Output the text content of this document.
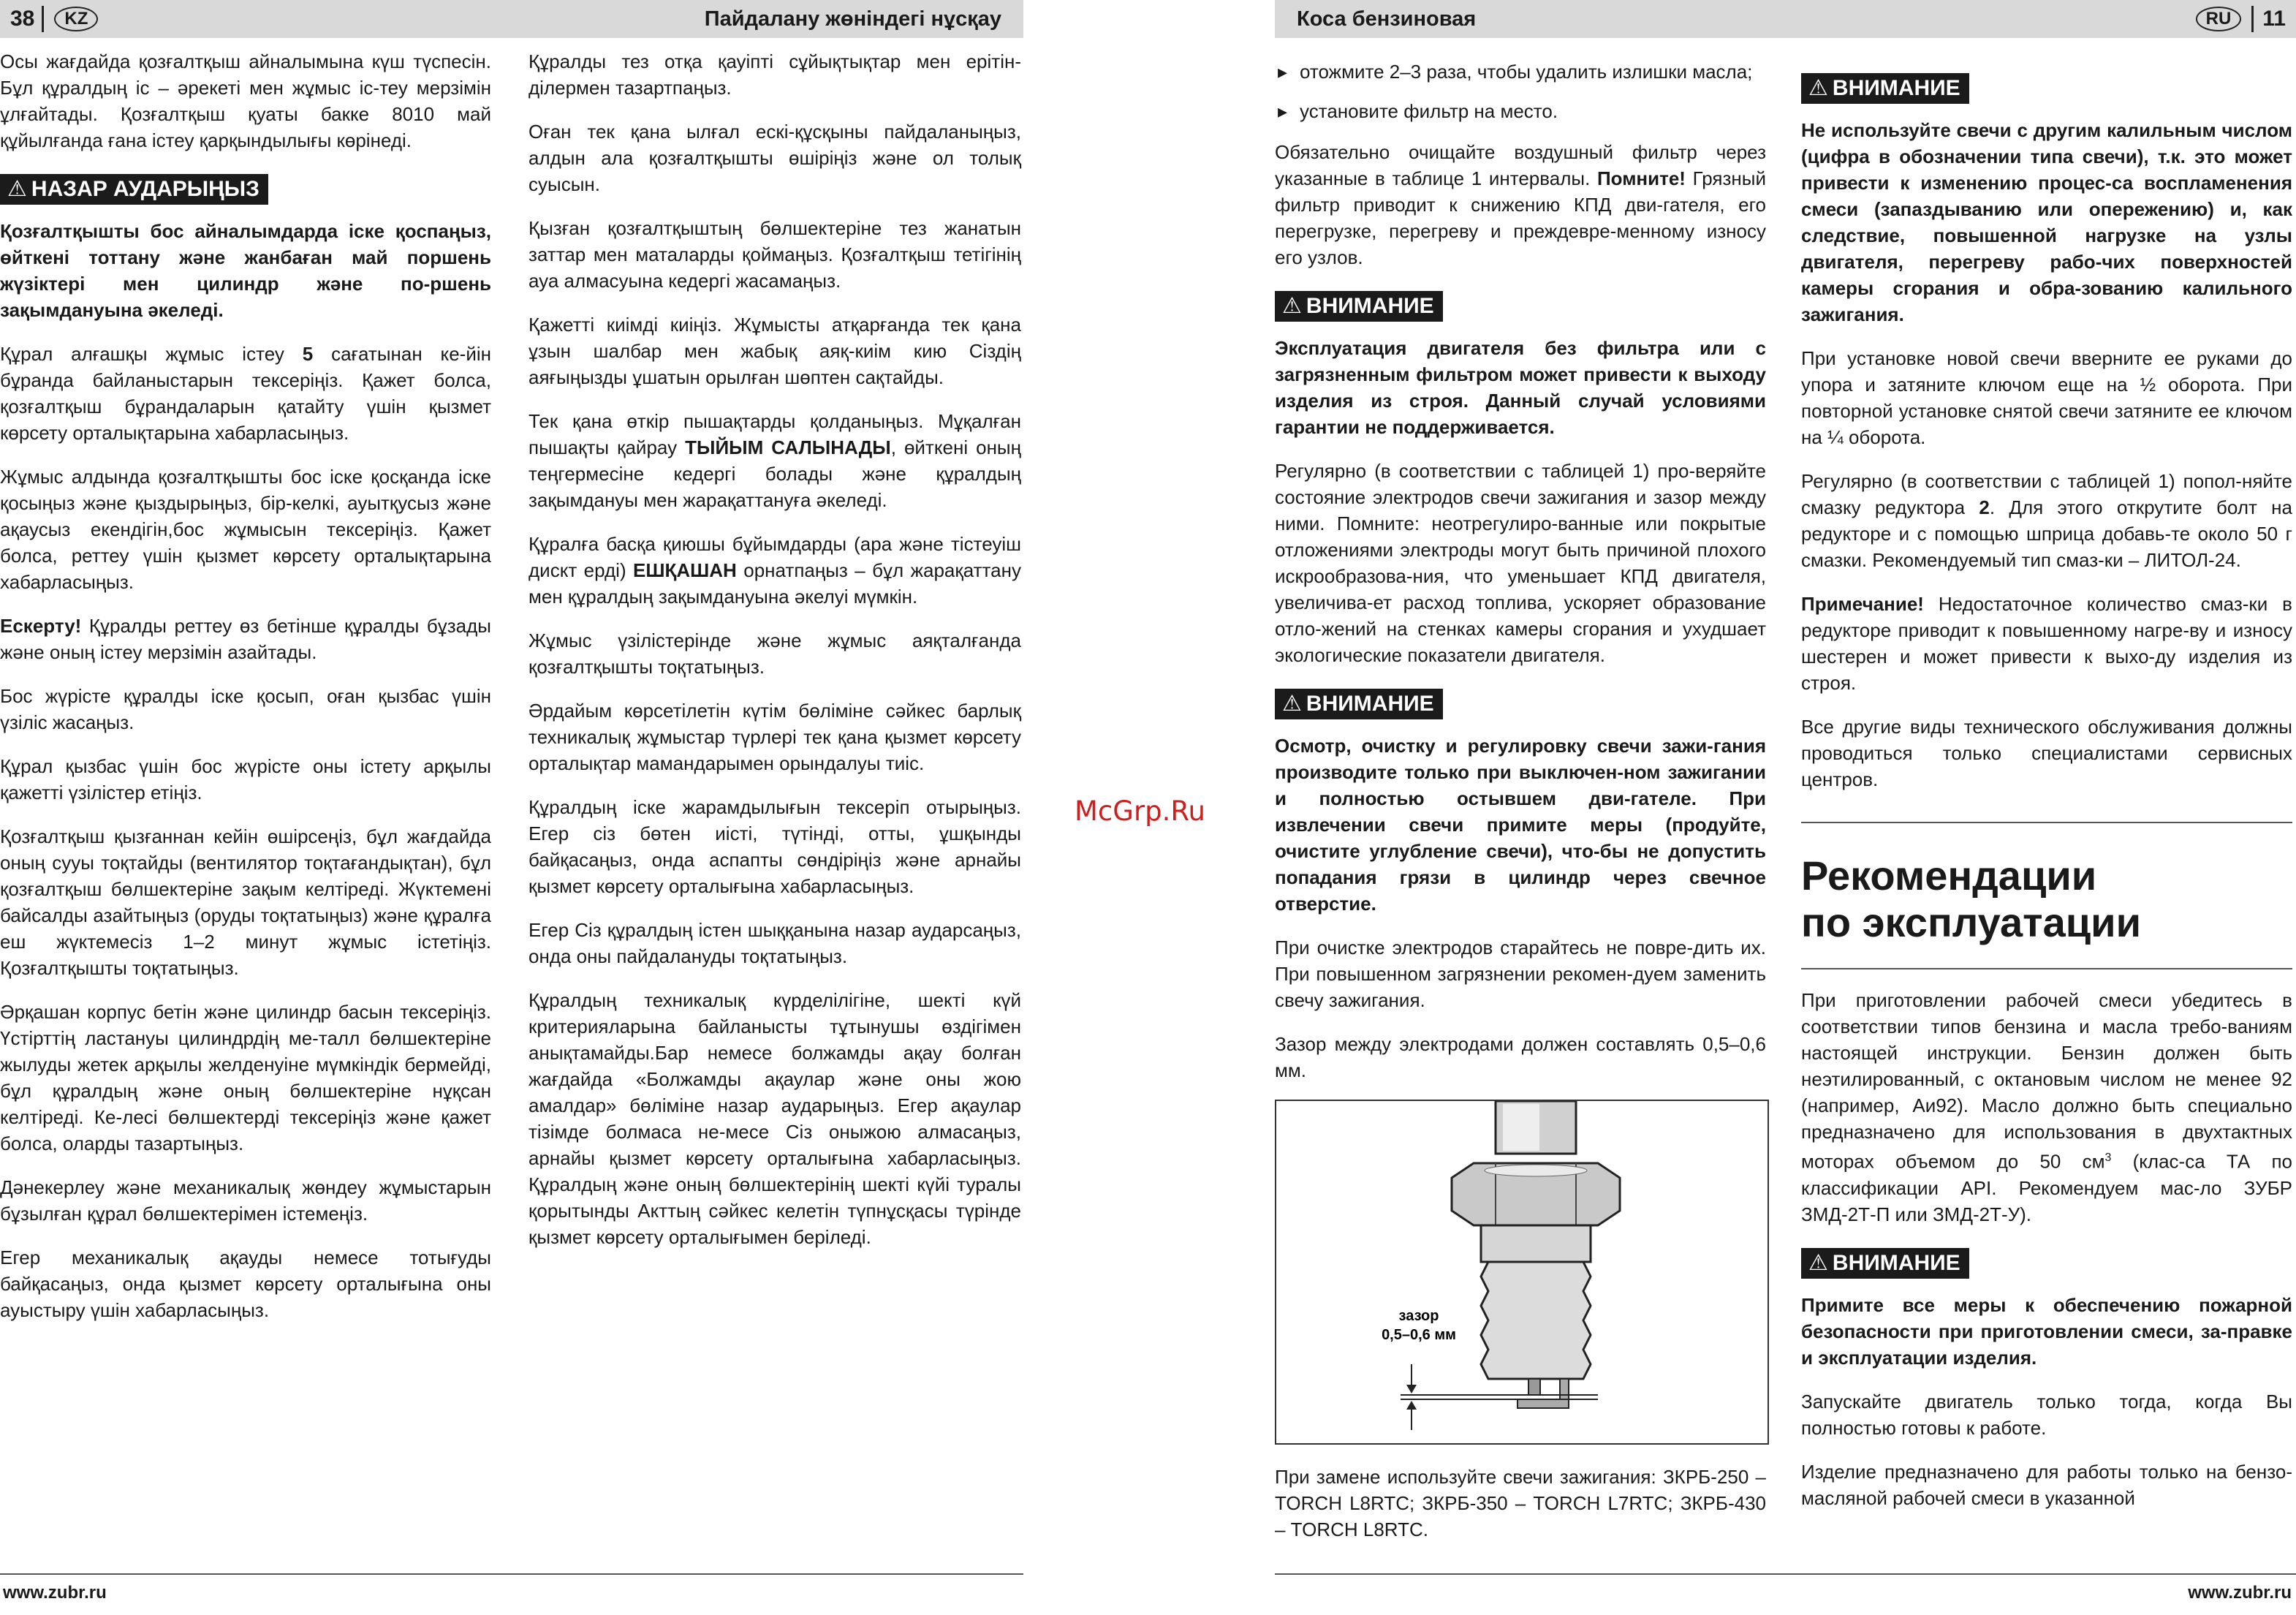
38	KZ	Пайдалану жөніндегі нұсқау	Коса бензиновая	RU	11

Осы жағдайда қозғалтқыш айналымына күш түспесін. Бұл құралдың іс – әрекеті мен жұмыс іс-теу мерзімін ұлғайтады. Қозғалтқыш қуаты бакке 8010 май құйылғанда ғана істеу қарқындылығы көрінеді.

⚠ НАЗАР АУДАРЫҢЫЗ

Қозғалтқышты бос айналымдарда іске қоспаңыз, өйткені тоттану және жанбаған май поршень жүзіктері мен цилиндр және по-ршень зақымдануына әкеледі.

Құрал алғашқы жұмыс істеу 5 сағатынан ке-йін бұранда байланыстарын тексеріңіз. Қажет болса, қозғалтқыш бұрандаларын қатайту үшін қызмет көрсету орталықтарына хабарласыңыз.

Жұмыс алдында қозғалтқышты бос іске қосқанда іске қосыңыз және қыздырыңыз, бір-келкі, ауытқусыз және ақаусыз екендігін,бос жұмысын тексеріңіз. Қажет болса, реттеу үшін қызмет көрсету орталықтарына хабарласыңыз.

Ескерту! Құралды реттеу өз бетінше құралды бұзады және оның істеу мерзімін азайтады.

Бос жүрісте құралды іске қосып, оған қызбас үшін үзіліс жасаңыз.

Құрал қызбас үшін бос жүрісте оны істету арқылы қажетті үзілістер етіңіз.

Қозғалтқыш қызғаннан кейін өшірсеңіз, бұл жағдайда оның сууы тоқтайды (вентилятор тоқтағандықтан), бұл қозғалтқыш бөлшектеріне зақым келтіреді. Жүктемені байсалды азайтыңыз (оруды тоқтатыңыз) және құралға еш жүктемесіз 1–2 минут жұмыс істетіңіз. Қозғалтқышты тоқтатыңыз.

Әрқашан корпус бетін және цилиндр басын тексеріңіз. Үстірттің ластануы цилиндрдің ме-талл бөлшектеріне жылуды жетек арқылы желденуіне мүмкіндік бермейді, бұл құралдың және оның бөлшектеріне нұқсан келтіреді. Ке-лесі бөлшектерді тексеріңіз және қажет болса, оларды тазартыңыз.

Дәнекерлеу және механикалық жөндеу жұмыстарын бұзылған құрал бөлшектерімен істемеңіз.

Егер механикалық ақауды немесе тотығуды байқасаңыз, онда қызмет көрсету орталығына оны ауыстыру үшін хабарласыңыз.

Құралды тез отқа қауіпті сұйықтықтар мен ерітін-ділермен тазартпаңыз.

Оған тек қана ылғал ескі-құсқыны пайдаланыңыз, алдын ала қозғалтқышты өшіріңіз және ол толық суысын.

Қызған қозғалтқыштың бөлшектеріне тез жанатын заттар мен маталарды қоймаңыз. Қозғалтқыш тетігінің ауа алмасуына кедергі жасамаңыз.

Қажетті киімді киіңіз. Жұмысты атқарғанда тек қана ұзын шалбар мен жабық аяқ-киім кию Сіздің аяғыңызды ұшатын орылған шөптен сақтайды.

Тек қана өткір пышақтарды қолданыңыз. Мұқалған пышақты қайрау ТЫЙЫМ САЛЫНАДЫ, өйткені оның теңгермесіне кедергі болады және құралдың зақымдануы мен жарақаттануға әкеледі.

Құралға басқа қиюшы бұйымдарды (ара және тістеуіш дискт ерді) ЕШҚАШАН орнатпаңыз – бұл жарақаттану мен құралдың зақымдануына әкелуі мүмкін.

Жұмыс үзілістерінде және жұмыс аяқталғанда қозғалтқышты тоқтатыңыз.

Әрдайым көрсетілетін күтім бөліміне сәйкес барлық техникалық жұмыстар түрлері тек қана қызмет көрсету орталықтар мамандарымен орындалуы тиіс.

Құралдың іске жарамдылығын тексеріп отырыңыз. Егер сіз бөтен иісті, түтінді, отты, ұшқынды байқасаңыз, онда аспапты сөндіріңіз және арнайы қызмет көрсету орталығына хабарласыңыз.

Егер Сіз құралдың істен шыққанына назар аударсаңыз, онда оны пайдалануды тоқтатыңыз.

Құралдың техникалық күрделілігіне, шекті күй критерияларына байланысты тұтынушы өздігімен анықтамайды.Бар немесе болжамды ақау болған жағдайда «Болжамды ақаулар және оны жою амалдар» бөліміне назар аударыңыз. Егер ақаулар тізімде болмаса не-месе Сіз оныжою алмасаңыз, арнайы қызмет көрсету орталығына хабарласыңыз. Құралдың және оның бөлшектерінің шекті күйі туралы қорытынды Акттың сәйкес келетін түпнұсқасы түрінде қызмет көрсету орталығымен беріледі.

McGrp.Ru
▸ отожмите 2–3 раза, чтобы удалить излишки масла;
▸ установите фильтр на место.

Обязательно очищайте воздушный фильтр через указанные в таблице 1 интервалы. Помните! Грязный фильтр приводит к снижению КПД дви-гателя, его перегрузке, перегреву и преждевре-менному износу его узлов.

⚠ ВНИМАНИЕ

Эксплуатация двигателя без фильтра или с загрязненным фильтром может привести к выходу изделия из строя. Данный случай условиями гарантии не поддерживается.

Регулярно (в соответствии с таблицей 1) про-веряйте состояние электродов свечи зажигания и зазор между ними. Помните: неотрегулиро-ванные или покрытые отложениями электроды могут быть причиной плохого искрообразова-ния, что уменьшает КПД двигателя, увеличива-ет расход топлива, ускоряет образование отло-жений на стенках камеры сгорания и ухудшает экологические показатели двигателя.

⚠ ВНИМАНИЕ

Осмотр, очистку и регулировку свечи зажи-гания производите только при выключен-ном зажигании и полностью остывшем дви-гателе. При извлечении свечи примите меры (продуйте, очистите углубление свечи), что-бы не допустить попадания грязи в цилиндр через свечное отверстие.

При очистке электродов старайтесь не повре-дить их. При повышенном загрязнении рекомен-дуем заменить свечу зажигания.

Зазор между электродами должен составлять 0,5–0,6 мм.

зазор
0,5–0,6 мм

При замене используйте свечи зажигания: ЗКРБ-250 – TORCH L8RTC; ЗКРБ-350 – TORCH L7RTC; ЗКРБ-430 – TORCH L8RTC.

⚠ ВНИМАНИЕ

Не используйте свечи с другим калильным числом (цифра в обозначении типа свечи), т.к. это может привести к изменению процес-са воспламенения смеси (запаздыванию или опережению) и, как следствие, повышенной нагрузке на узлы двигателя, перегреву рабо-чих поверхностей камеры сгорания и обра-зованию калильного зажигания.

При установке новой свечи вверните ее руками до упора и затяните ключом еще на ½ оборота. При повторной установке снятой свечи затяните ее ключом на ¼ оборота.

Регулярно (в соответствии с таблицей 1) попол-няйте смазку редуктора 2. Для этого открутите болт на редукторе и с помощью шприца добавь-те около 50 г смазки. Рекомендуемый тип смаз-ки – ЛИТОЛ-24.

Примечание! Недостаточное количество смаз-ки в редукторе приводит к повышенному нагре-ву и износу шестерен и может привести к выхо-ду изделия из строя.

Все другие виды технического обслуживания должны проводиться только специалистами сервисных центров.

Рекомендации
по эксплуатации

При приготовлении рабочей смеси убедитесь в соответствии типов бензина и масла требо-ваниям настоящей инструкции. Бензин должен быть неэтилированный, с октановым числом не менее 92 (например, Аи92). Масло должно быть специально предназначено для использования в двухтактных моторах объемом до 50 $см^3$ (клас-са ТА по классификации API. Рекомендуем мас-ло ЗУБР ЗМД-2Т-П или ЗМД-2Т-У).

⚠ ВНИМАНИЕ

Примите все меры к обеспечению пожарной безопасности при приготовлении смеси, за-правке и эксплуатации изделия.

Запускайте двигатель только тогда, когда Вы полностью готовы к работе.

Изделие предназначено для работы только на бензо-масляной рабочей смеси в указанной

www.zubr.ru	www.zubr.ru
